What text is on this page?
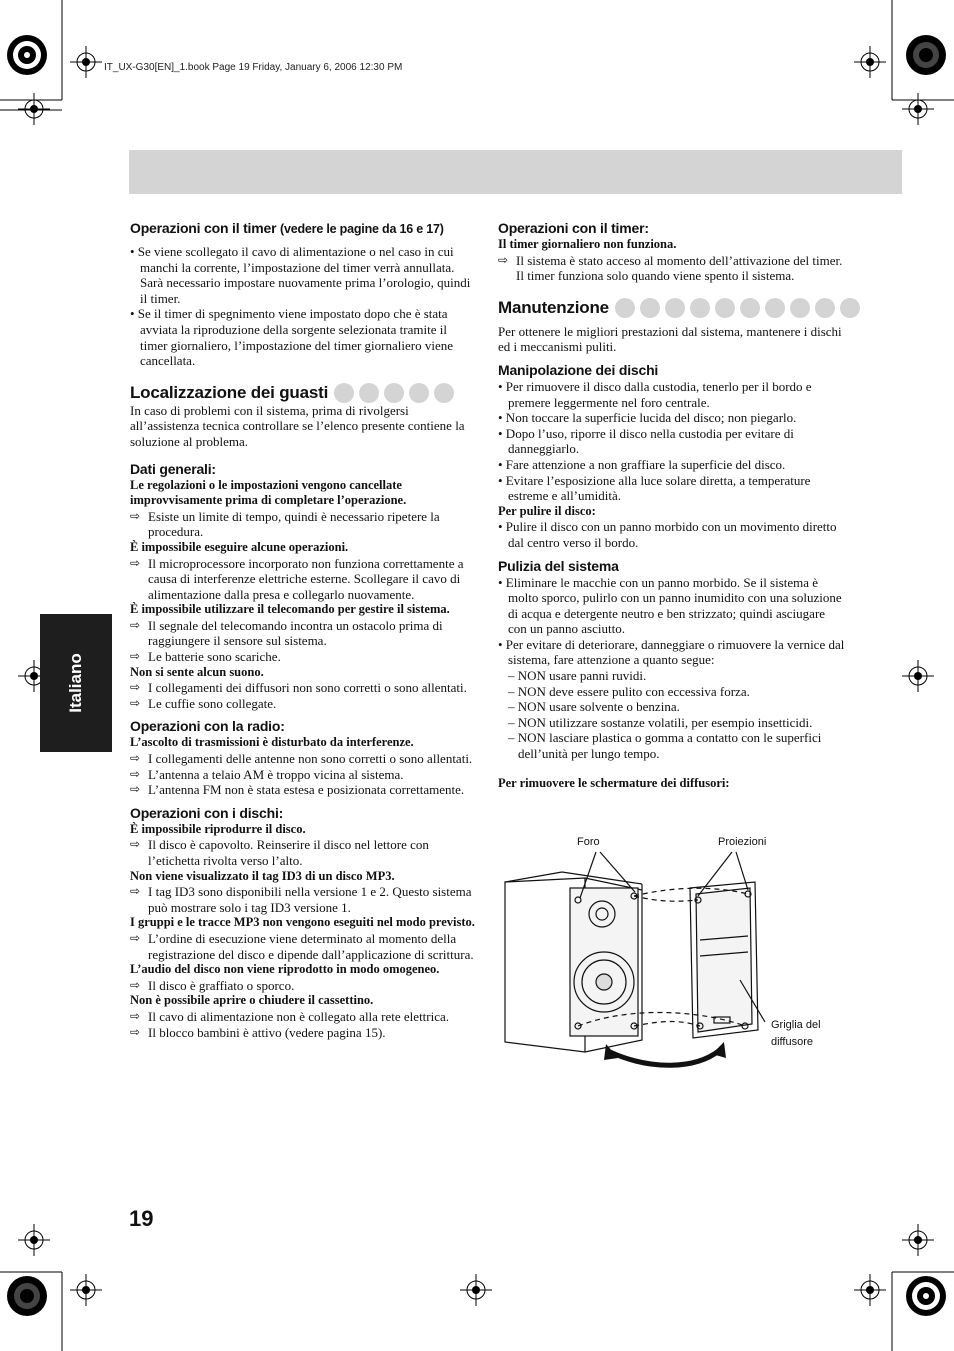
IT_UX-G30[EN]_1.book Page 19 Friday, January 6, 2006 12:30 PM
Italiano
19

Operazioni con il timer (vedere le pagine da 16 e 17)

• Se viene scollegato il cavo di alimentazione o nel caso in cui manchi la corrente, l’impostazione del timer verrà annullata. Sarà necessario impostare nuovamente prima l’orologio, quindi il timer.

• Se il timer di spegnimento viene impostato dopo che è stata avviata la riproduzione della sorgente selezionata tramite il timer giornaliero, l’impostazione del timer giornaliero viene cancellata.

Localizzazione dei guasti

In caso di problemi con il sistema, prima di rivolgersi all’assistenza tecnica controllare se l’elenco presente contiene la soluzione al problema.

Dati generali:

Le regolazioni o le impostazioni vengono cancellate improvvisamente prima di completare l’operazione.

⇨ Esiste un limite di tempo, quindi è necessario ripetere la procedura.

È impossibile eseguire alcune operazioni.

⇨ Il microprocessore incorporato non funziona correttamente a causa di interferenze elettriche esterne. Scollegare il cavo di alimentazione dalla presa e collegarlo nuovamente.

È impossibile utilizzare il telecomando per gestire il sistema.

⇨ Il segnale del telecomando incontra un ostacolo prima di raggiungere il sensore sul sistema.

⇨ Le batterie sono scariche.

Non si sente alcun suono.

⇨ I collegamenti dei diffusori non sono corretti o sono allentati.

⇨ Le cuffie sono collegate.

Operazioni con la radio:

L’ascolto di trasmissioni è disturbato da interferenze.

⇨ I collegamenti delle antenne non sono corretti o sono allentati.

⇨ L’antenna a telaio AM è troppo vicina al sistema.

⇨ L’antenna FM non è stata estesa e posizionata correttamente.

Operazioni con i dischi:

È impossibile riprodurre il disco.

⇨ Il disco è capovolto. Reinserire il disco nel lettore con l’etichetta rivolta verso l’alto.

Non viene visualizzato il tag ID3 di un disco MP3.

⇨ I tag ID3 sono disponibili nella versione 1 e 2. Questo sistema può mostrare solo i tag ID3 versione 1.

I gruppi e le tracce MP3 non vengono eseguiti nel modo previsto.

⇨ L’ordine di esecuzione viene determinato al momento della registrazione del disco e dipende dall’applicazione di scrittura.

L’audio del disco non viene riprodotto in modo omogeneo.

⇨ Il disco è graffiato o sporco.

Non è possibile aprire o chiudere il cassettino.

⇨ Il cavo di alimentazione non è collegato alla rete elettrica.

⇨ Il blocco bambini è attivo (vedere pagina 15).

Operazioni con il timer:

Il timer giornaliero non funziona.

⇨ Il sistema è stato acceso al momento dell’attivazione del timer. Il timer funziona solo quando viene spento il sistema.

Manutenzione

Per ottenere le migliori prestazioni dal sistema, mantenere i dischi ed i meccanismi puliti.

Manipolazione dei dischi

• Per rimuovere il disco dalla custodia, tenerlo per il bordo e premere leggermente nel foro centrale.

• Non toccare la superficie lucida del disco; non piegarlo.

• Dopo l’uso, riporre il disco nella custodia per evitare di danneggiarlo.

• Fare attenzione a non graffiare la superficie del disco.

• Evitare l’esposizione alla luce solare diretta, a temperature estreme e all’umidità.

Per pulire il disco:

• Pulire il disco con un panno morbido con un movimento diretto dal centro verso il bordo.

Pulizia del sistema

• Eliminare le macchie con un panno morbido. Se il sistema è molto sporco, pulirlo con un panno inumidito con una soluzione di acqua e detergente neutro e ben strizzato; quindi asciugare con un panno asciutto.

• Per evitare di deteriorare, danneggiare o rimuovere la vernice dal sistema, fare attenzione a quanto segue:

– NON usare panni ruvidi.

– NON deve essere pulito con eccessiva forza.

– NON usare solvente o benzina.

– NON utilizzare sostanze volatili, per esempio insetticidi.

– NON lasciare plastica o gomma a contatto con le superfici dell’unità per lungo tempo.

Per rimuovere le schermature dei diffusori:

Foro	Proiezioni
Griglia del
diffusore
